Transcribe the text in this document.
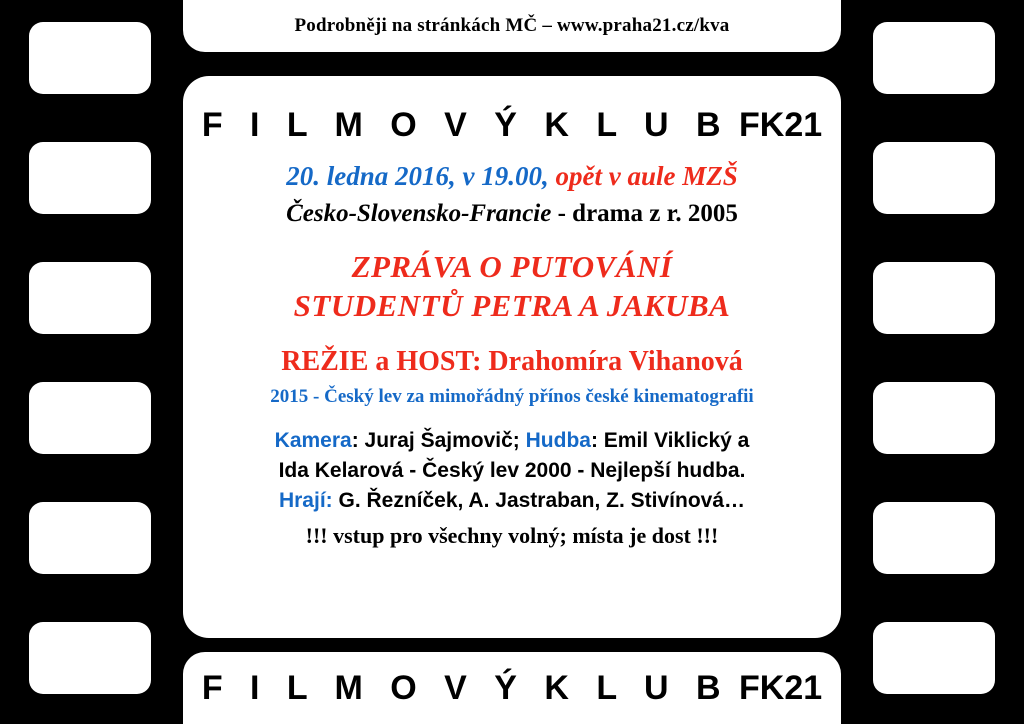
Podrobněji na stránkách MČ – www.praha21.cz/kva
F I L M O V Ý K L U B FK21
20. ledna 2016, v 19.00, opět v aule MZŠ
Česko-Slovensko-Francie - drama z r. 2005
ZPRÁVA O PUTOVÁNÍ
STUDENTŮ PETRA A JAKUBA
REŽIE a HOST: Drahomíra Vihanová
2015 - Český lev za mimořádný přínos české kinematografii
Kamera: Juraj Šajmovič; Hudba: Emil Viklický a
Ida Kelarová - Český lev 2000 - Nejlepší hudba.
Hrají: G. Řezníček, A. Jastraban, Z. Stivínová…
!!! vstup pro všechny volný; místa je dost !!!
F I L M O V Ý K L U B FK21
